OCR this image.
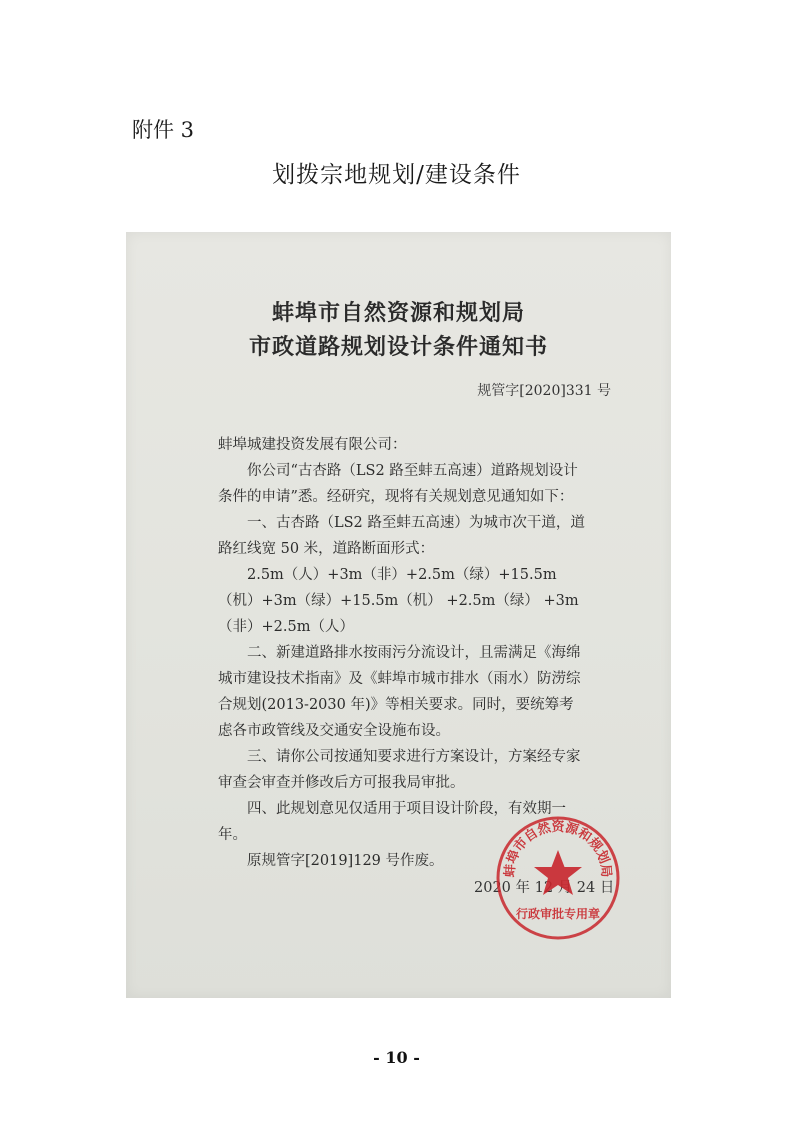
附件 3
划拨宗地规划/建设条件
蚌埠市自然资源和规划局
市政道路规划设计条件通知书
规管字[2020]331 号

蚌埠城建投资发展有限公司：

你公司“古杏路（LS2 路至蚌五高速）道路规划设计条件的申请”悉。经研究，现将有关规划意见通知如下：

一、古杏路（LS2 路至蚌五高速）为城市次干道，道路红线宽 50 米，道路断面形式：

2.5m（人）+3m（非）+2.5m（绿）+15.5m（机）+3m（绿）+15.5m（机） +2.5m（绿） +3m（非）+2.5m（人）

二、新建道路排水按雨污分流设计，且需满足《海绵城市建设技术指南》及《蚌埠市城市排水（雨水）防涝综合规划(2013-2030 年)》等相关要求。同时，要统筹考虑各市政管线及交通安全设施布设。

三、请你公司按通知要求进行方案设计，方案经专家审查会审查并修改后方可报我局审批。

四、此规划意见仅适用于项目设计阶段，有效期一年。

原规管字[2019]129 号作废。

2020 年 12 月 24 日
蚌埠市自然资源和规划局
行政审批专用章
- 10 -
